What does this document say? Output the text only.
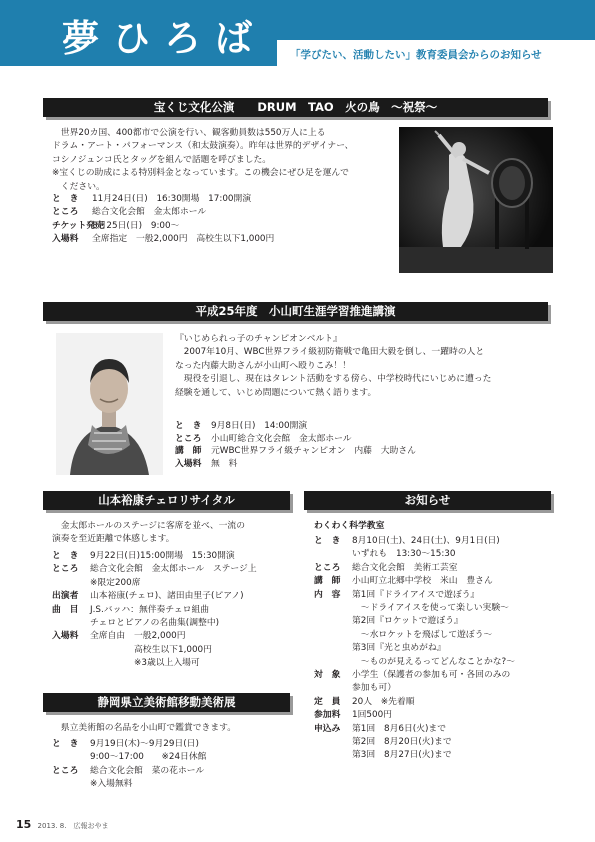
夢ひろば	「学びたい、活動したい」教育委員会からのお知らせ
宝くじ文化公演　　DRUM　TAO　火の鳥　～祝祭～
　世界20カ国、400都市で公演を行い、観客動員数は550万人に上る
ドラム・アート・パフォーマンス（和太鼓演奏）。昨年は世界的デザイナー、
コシノジュンコ氏とタッグを組んで話題を呼びました。
※宝くじの助成による特別料金となっています。この機会にぜひ足を運んで
　ください。
と　き 11月24日(日)　16:30開場　17:00開演
ところ 総合文化会館　金太郎ホール
チケット発売8月25日(日)　9:00～
入場料 全席指定　一般2,000円　高校生以下1,000円
平成25年度　小山町生涯学習推進講演
『いじめられっ子のチャンピオンベルト』
　2007年10月、WBC世界フライ級初防衛戦で亀田大毅を倒し、一躍時の人と
なった内藤大助さんが小山町へ殴りこみ！！
　現役を引退し、現在はタレント活動をする傍ら、中学校時代にいじめに遭った
経験を通して、いじめ問題について熱く語ります。
と　き 9月8日(日)　14:00開演
ところ 小山町総合文化会館　金太郎ホール
講　師 元WBC世界フライ級チャンピオン　内藤　大助さん
入場料 無　料
山本裕康チェロリサイタル
　金太郎ホールのステージに客席を並べ、一流の
演奏を至近距離で体感します。
と　き 9月22日(日)15:00開場　15:30開演
ところ 総合文化会館　金太郎ホール　ステージ上
※限定200席
出演者 山本裕康(チェロ)、諸田由里子(ピアノ)
曲　目 J.S.バッハ：無伴奏チェロ組曲
チェロとピアノの名曲集(調整中)
入場料 全席自由　一般2,000円
　　　　　高校生以下1,000円
　　　　　※3歳以上入場可
静岡県立美術館移動美術展
　県立美術館の名品を小山町で鑑賞できます。
と　き 9月19日(木)～9月29日(日)
9:00～17:00　　※24日休館
ところ 総合文化会館　菜の花ホール
※入場無料
お知らせ
わくわく科学教室
と　き 8月10日(土)、24日(土)、9月1日(日)
いずれも　13:30～15:30
ところ 総合文化会館　美術工芸室
講　師 小山町立北郷中学校　米山　豊さん
内　容 第1回『ドライアイスで遊ぼう』
　～ドライアイスを使って楽しい実験～
第2回『ロケットで遊ぼう』
　～水ロケットを飛ばして遊ぼう～
第3回『光と虫めがね』
　～ものが見えるってどんなことかな?～
対　象 小学生（保護者の参加も可・各回のみの
参加も可）
定　員 20人　※先着順
参加料 1回500円
申込み 第1回　8月6日(火)まで
第2回　8月20日(火)まで
第3回　8月27日(火)まで
15 2013. 8.　広報おやま
